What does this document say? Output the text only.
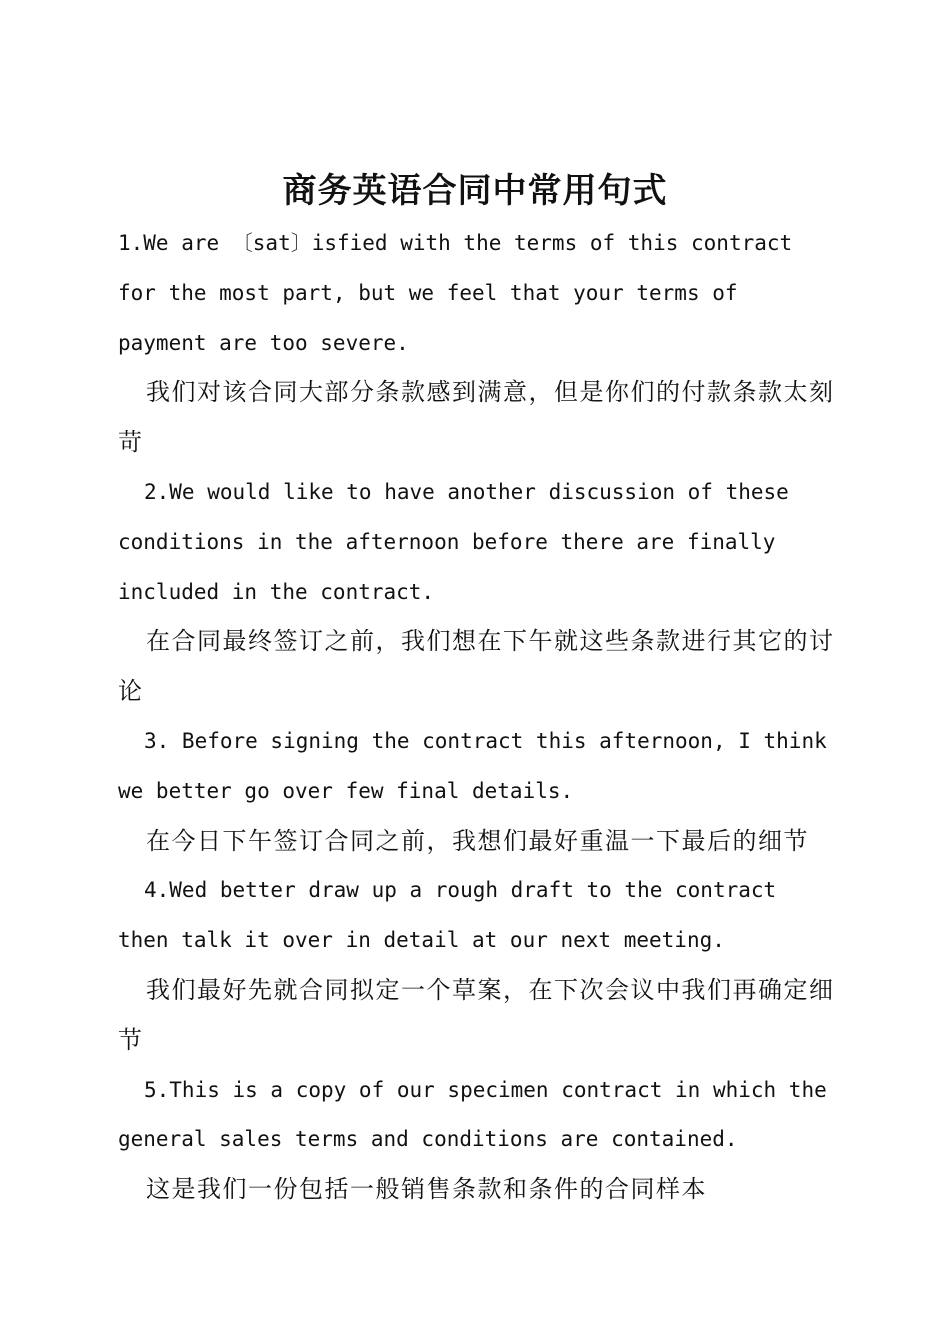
商务英语合同中常用句式

1.We are 〔sat〕isfied with the terms of this contract for the most part, but we feel that your terms of payment are too severe.

我们对该合同大部分条款感到满意，但是你们的付款条款太刻苛

2.We would like to have another discussion of these conditions in the afternoon before there are finally included in the contract.

在合同最终签订之前，我们想在下午就这些条款进行其它的讨论

3. Before signing the contract this afternoon, I think we better go over few final details.

在今日下午签订合同之前，我想们最好重温一下最后的细节

4.Wed better draw up a rough draft to the contract then talk it over in detail at our next meeting.

我们最好先就合同拟定一个草案，在下次会议中我们再确定细节

5.This is a copy of our specimen contract in which the general sales terms and conditions are contained.

这是我们一份包括一般销售条款和条件的合同样本
